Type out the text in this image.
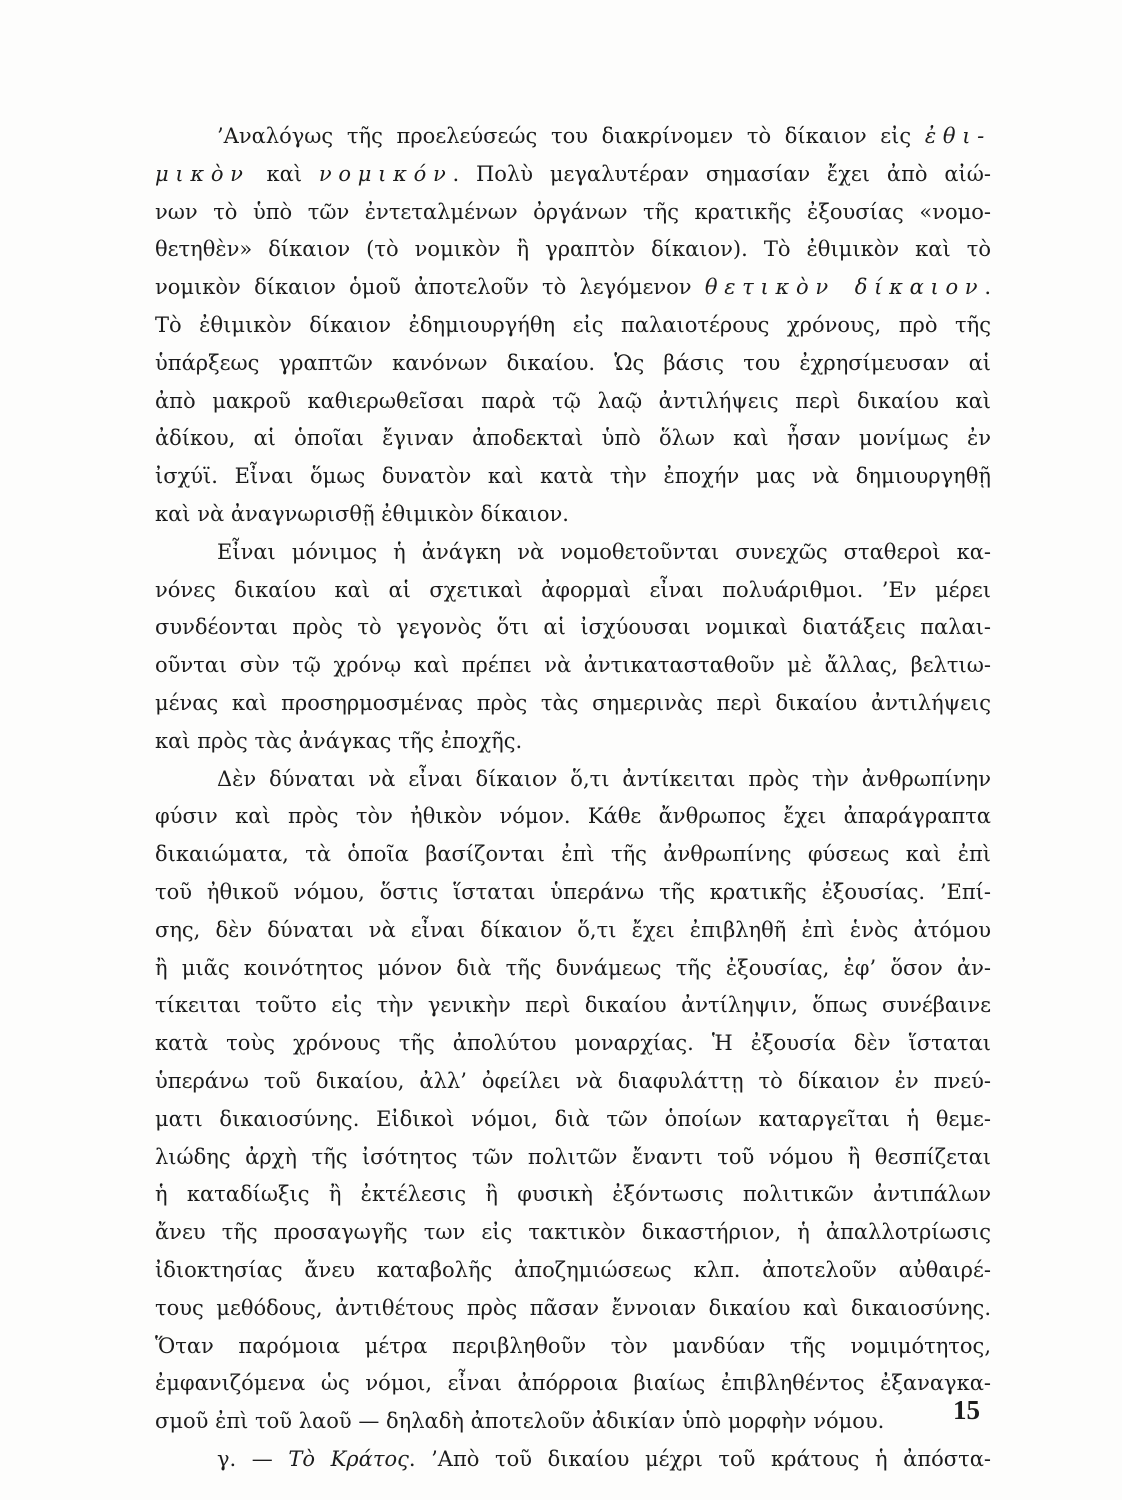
’Αναλόγως τῆς προελεύσεώς του διακρίνομεν τὸ δίκαιον εἰς ἐθι-
μικὸν καὶ νομικόν. Πολὺ μεγαλυτέραν σημασίαν ἔχει ἀπὸ αἰώ-
νων τὸ ὑπὸ τῶν ἐντεταλμένων ὀργάνων τῆς κρατικῆς ἐξουσίας «νομο-
θετηθὲν» δίκαιον (τὸ νομικὸν ἢ γραπτὸν δίκαιον). Τὸ ἐθιμικὸν καὶ τὸ
νομικὸν δίκαιον ὁμοῦ ἀποτελοῦν τὸ λεγόμενον θετικὸν δίκαιον.
Τὸ ἐθιμικὸν δίκαιον ἐδημιουργήθη εἰς παλαιοτέρους χρόνους, πρὸ τῆς
ὑπάρξεως γραπτῶν κανόνων δικαίου. Ὡς βάσις του ἐχρησίμευσαν αἱ
ἀπὸ μακροῦ καθιερωθεῖσαι παρὰ τῷ λαῷ ἀντιλήψεις περὶ δικαίου καὶ
ἀδίκου, αἱ ὁποῖαι ἔγιναν ἀποδεκταὶ ὑπὸ ὅλων καὶ ἦσαν μονίμως ἐν
ἰσχύϊ. Εἶναι ὅμως δυνατὸν καὶ κατὰ τὴν ἐποχήν μας νὰ δημιουργηθῇ
καὶ νὰ ἀναγνωρισθῇ ἐθιμικὸν δίκαιον.
Εἶναι μόνιμος ἡ ἀνάγκη νὰ νομοθετοῦνται συνεχῶς σταθεροὶ κα-
νόνες δικαίου καὶ αἱ σχετικαὶ ἀφορμαὶ εἶναι πολυάριθμοι. ’Εν μέρει
συνδέονται πρὸς τὸ γεγονὸς ὅτι αἱ ἰσχύουσαι νομικαὶ διατάξεις παλαι-
οῦνται σὺν τῷ χρόνῳ καὶ πρέπει νὰ ἀντικατασταθοῦν μὲ ἄλλας, βελτιω-
μένας καὶ προσηρμοσμένας πρὸς τὰς σημερινὰς περὶ δικαίου ἀντιλήψεις
καὶ πρὸς τὰς ἀνάγκας τῆς ἐποχῆς.
Δὲν δύναται νὰ εἶναι δίκαιον ὅ,τι ἀντίκειται πρὸς τὴν ἀνθρωπίνην
φύσιν καὶ πρὸς τὸν ἠθικὸν νόμον. Κάθε ἄνθρωπος ἔχει ἀπαράγραπτα
δικαιώματα, τὰ ὁποῖα βασίζονται ἐπὶ τῆς ἀνθρωπίνης φύσεως καὶ ἐπὶ
τοῦ ἠθικοῦ νόμου, ὅστις ἵσταται ὑπεράνω τῆς κρατικῆς ἐξουσίας. ’Επί-
σης, δὲν δύναται νὰ εἶναι δίκαιον ὅ,τι ἔχει ἐπιβληθῆ ἐπὶ ἑνὸς ἀτόμου
ἢ μιᾶς κοινότητος μόνον διὰ τῆς δυνάμεως τῆς ἐξουσίας, ἐφ’ ὅσον ἀν-
τίκειται τοῦτο εἰς τὴν γενικὴν περὶ δικαίου ἀντίληψιν, ὅπως συνέβαινε
κατὰ τοὺς χρόνους τῆς ἀπολύτου μοναρχίας. Ἡ ἐξουσία δὲν ἵσταται
ὑπεράνω τοῦ δικαίου, ἀλλ’ ὀφείλει νὰ διαφυλάττῃ τὸ δίκαιον ἐν πνεύ-
ματι δικαιοσύνης. Εἰδικοὶ νόμοι, διὰ τῶν ὁποίων καταργεῖται ἡ θεμε-
λιώδης ἀρχὴ τῆς ἰσότητος τῶν πολιτῶν ἔναντι τοῦ νόμου ἢ θεσπίζεται
ἡ καταδίωξις ἢ ἐκτέλεσις ἢ φυσικὴ ἐξόντωσις πολιτικῶν ἀντιπάλων
ἄνευ τῆς προσαγωγῆς των εἰς τακτικὸν δικαστήριον, ἡ ἀπαλλοτρίωσις
ἰδιοκτησίας ἄνευ καταβολῆς ἀποζημιώσεως κλπ. ἀποτελοῦν αὐθαιρέ-
τους μεθόδους, ἀντιθέτους πρὸς πᾶσαν ἔννοιαν δικαίου καὶ δικαιοσύνης.
Ὅταν παρόμοια μέτρα περιβληθοῦν τὸν μανδύαν τῆς νομιμότητος,
ἐμφανιζόμενα ὡς νόμοι, εἶναι ἀπόρροια βιαίως ἐπιβληθέντος ἐξαναγκα-
σμοῦ ἐπὶ τοῦ λαοῦ — δηλαδὴ ἀποτελοῦν ἀδικίαν ὑπὸ μορφὴν νόμου.
γ. — Τὸ Κράτος. ’Απὸ τοῦ δικαίου μέχρι τοῦ κράτους ἡ ἀπόστα-
15
